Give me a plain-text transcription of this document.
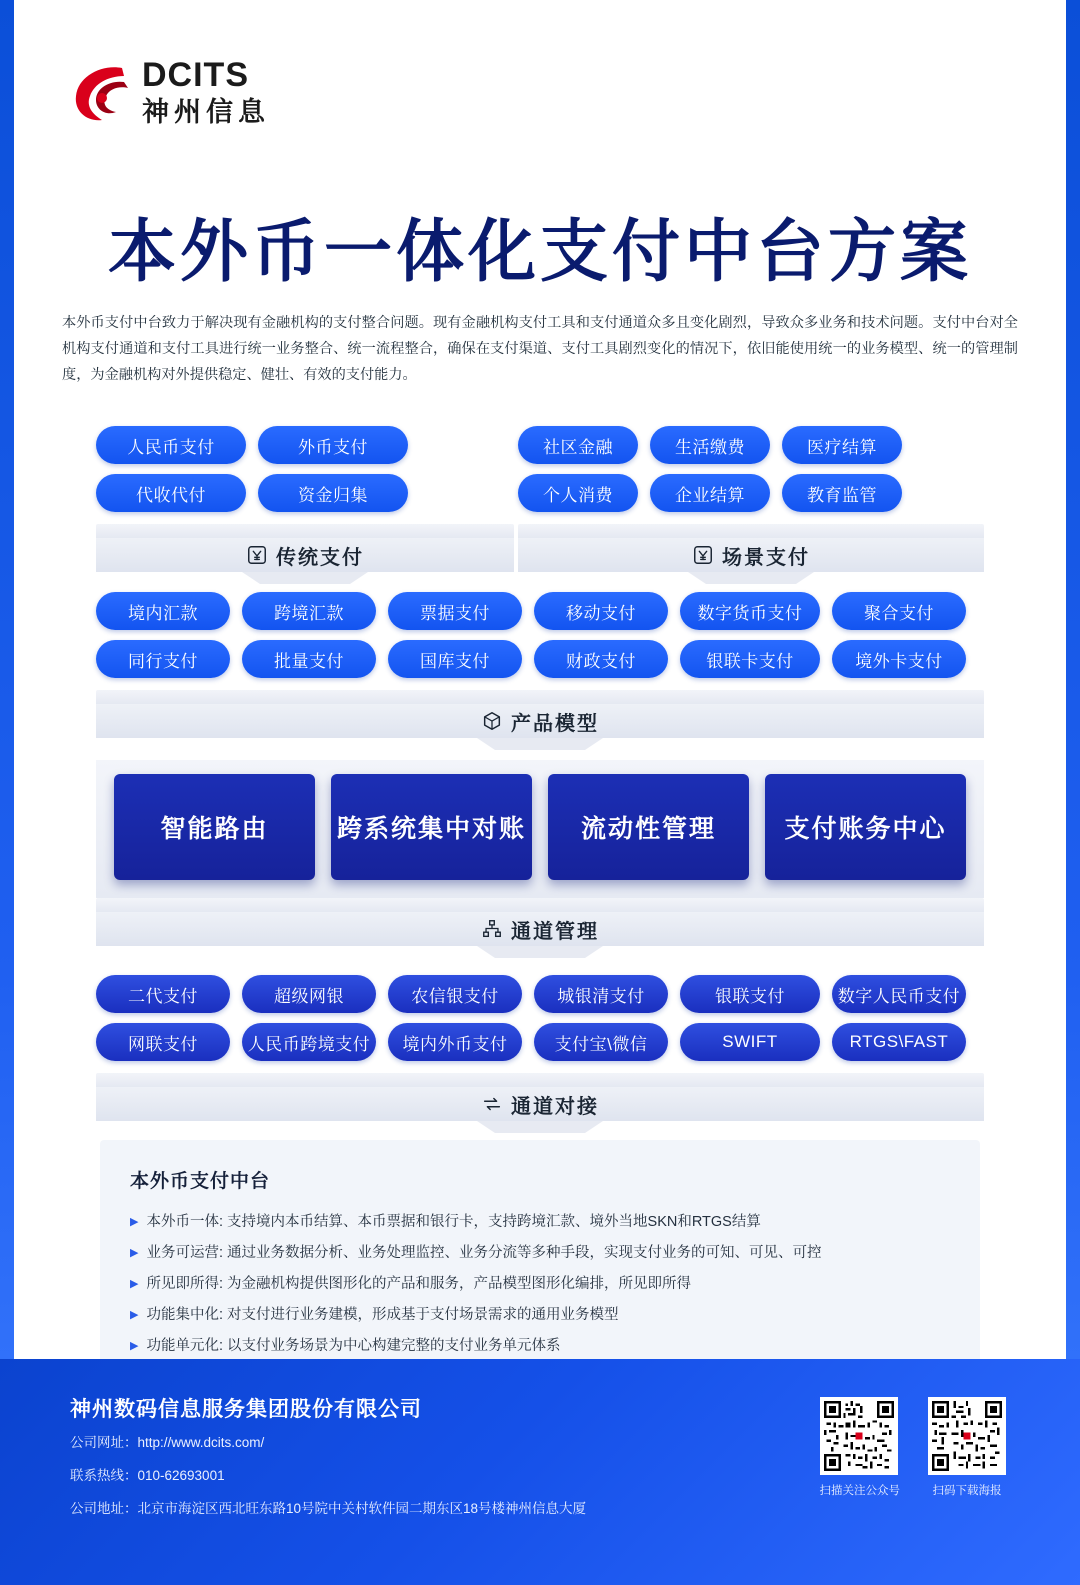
DCITS
神州信息
本外币一体化支付中台方案
本外币支付中台致力于解决现有金融机构的支付整合问题。现有金融机构支付工具和支付通道众多且变化剧烈，导致众多业务和技术问题。支付中台对全机构支付通道和支付工具进行统一业务整合、统一流程整合，确保在支付渠道、支付工具剧烈变化的情况下，依旧能使用统一的业务模型、统一的管理制度，为金融机构对外提供稳定、健壮、有效的支付能力。
人民币支付	外币支付
代收代付	资金归集
传统支付
社区金融	生活缴费	医疗结算
个人消费	企业结算	教育监管
场景支付
境内汇款	跨境汇款	票据支付	移动支付	数字货币支付	聚合支付
同行支付	批量支付	国库支付	财政支付	银联卡支付	境外卡支付
产品模型
智能路由	跨系统集中对账	流动性管理	支付账务中心
通道管理
二代支付	超级网银	农信银支付	城银清支付	银联支付	数字人民币支付
网联支付	人民币跨境支付	境内外币支付	支付宝\微信	SWIFT	RTGS\FAST
通道对接
本外币支付中台
▶ 本外币一体: 支持境内本币结算、本币票据和银行卡，支持跨境汇款、境外当地SKN和RTGS结算
▶ 业务可运营: 通过业务数据分析、业务处理监控、业务分流等多种手段，实现支付业务的可知、可见、可控
▶ 所见即所得: 为金融机构提供图形化的产品和服务，产品模型图形化编排，所见即所得
▶ 功能集中化: 对支付进行业务建模，形成基于支付场景需求的通用业务模型
▶ 功能单元化: 以支付业务场景为中心构建完整的支付业务单元体系
神州数码信息服务集团股份有限公司
公司网址：http://www.dcits.com/
联系热线：010-62693001
公司地址：北京市海淀区西北旺东路10号院中关村软件园二期东区18号楼神州信息大厦
扫描关注公众号	扫码下载海报
